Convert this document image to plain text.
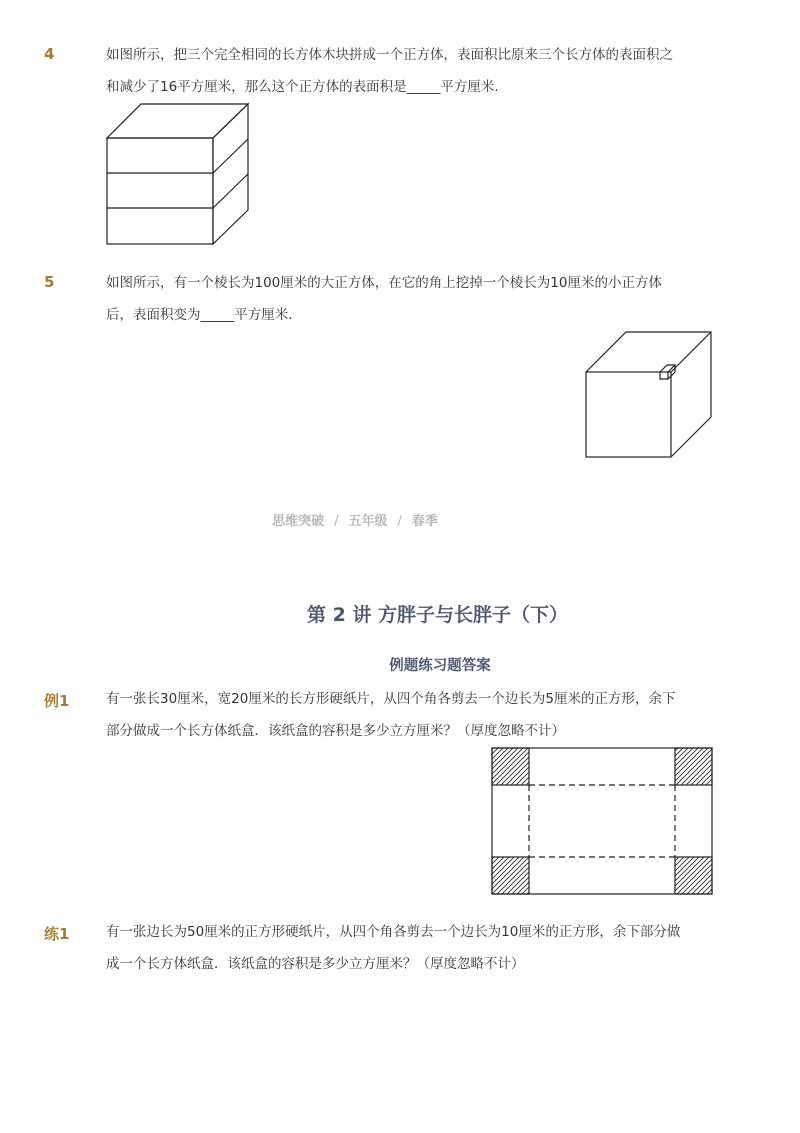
4	如图所示，把三个完全相同的长方体木块拼成一个正方体，表面积比原来三个长方体的表面积之
和减少了16平方厘米，那么这个正方体的表面积是_____平方厘米．
5	如图所示，有一个棱长为100厘米的大正方体，在它的角上挖掉一个棱长为10厘米的小正方体
后，表面积变为_____平方厘米．
思维突破 / 五年级 / 春季
第 2 讲 方胖子与长胖子（下）
例题练习题答案
例1	有一张长30厘米，宽20厘米的长方形硬纸片，从四个角各剪去一个边长为5厘米的正方形，余下
部分做成一个长方体纸盒．该纸盒的容积是多少立方厘米？（厚度忽略不计）
练1	有一张边长为50厘米的正方形硬纸片，从四个角各剪去一个边长为10厘米的正方形，余下部分做
成一个长方体纸盒．该纸盒的容积是多少立方厘米？（厚度忽略不计）
